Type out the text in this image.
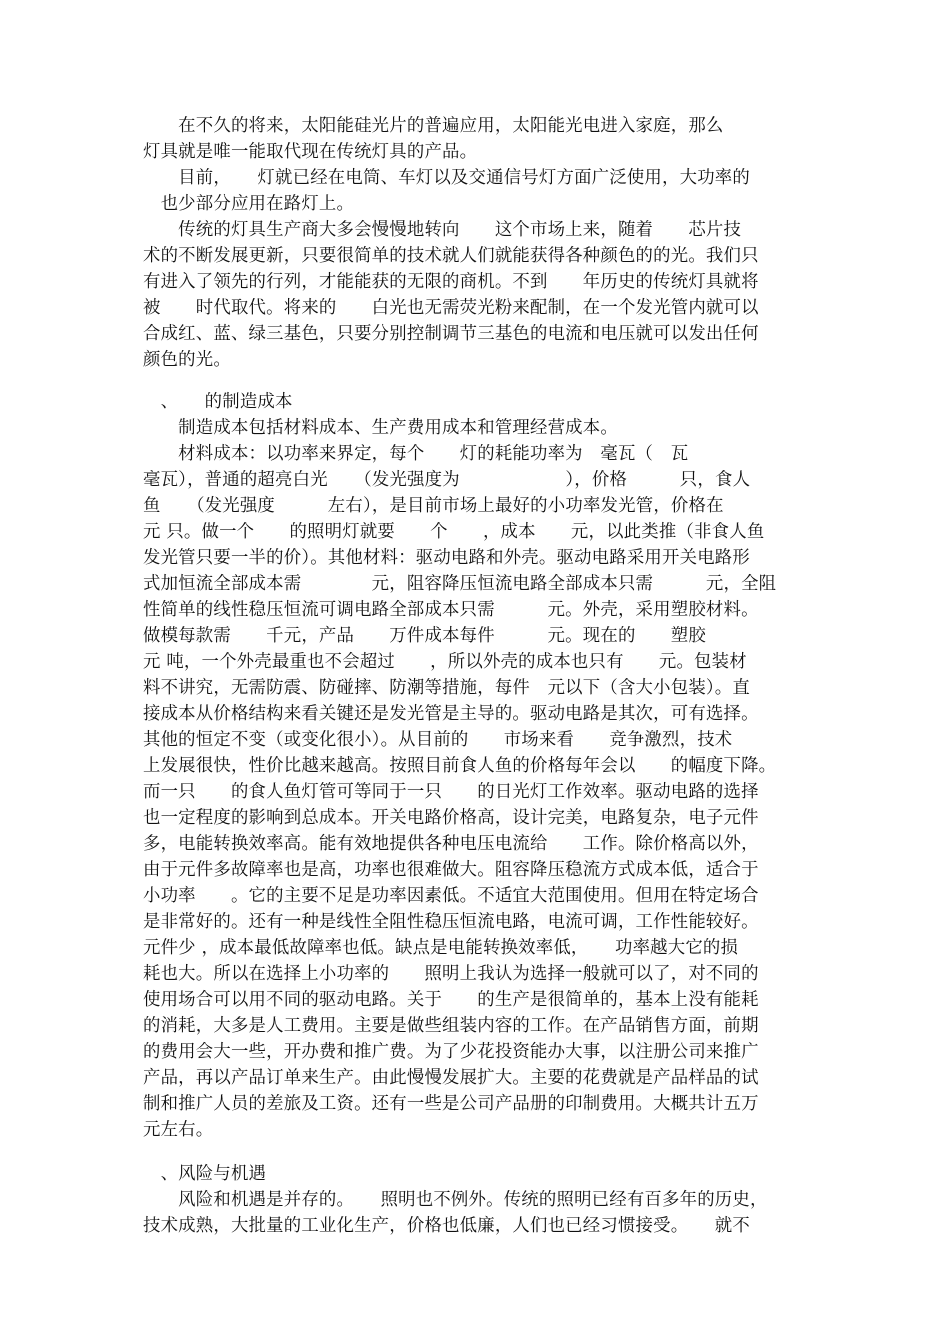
　　在不久的将来，太阳能硅光片的普遍应用，太阳能光电进入家庭，那么
灯具就是唯一能取代现在传统灯具的产品。
　　目前，　　灯就已经在电筒、车灯以及交通信号灯方面广泛使用，大功率的
　也少部分应用在路灯上。
　　传统的灯具生产商大多会慢慢地转向　　这个市场上来，随着　　芯片技
术的不断发展更新，只要很简单的技术就人们就能获得各种颜色的的光。我们只
有进入了领先的行列，才能能获的无限的商机。不到　　年历史的传统灯具就将
被　　时代取代。将来的　　白光也无需荧光粉来配制，在一个发光管内就可以
合成红、蓝、绿三基色，只要分别控制调节三基色的电流和电压就可以发出任何
颜色的光。
　、　　的制造成本
　　制造成本包括材料成本、生产费用成本和管理经营成本。
　　材料成本：以功率来界定，每个　　灯的耗能功率为　毫瓦（　瓦
毫瓦），普通的超亮白光　　（发光强度为　　　　　　），价格　　　只，食人
鱼　　（发光强度　　　左右），是目前市场上最好的小功率发光管，价格在
元 只。做一个　　的照明灯就要　　个　　，成本　　元，以此类推（非食人鱼
发光管只要一半的价）。其他材料：驱动电路和外壳。驱动电路采用开关电路形
式加恒流全部成本需　　　　元，阻容降压恒流电路全部成本只需　　　元，全阻
性简单的线性稳压恒流可调电路全部成本只需　　　元。外壳，采用塑胶材料。
做模每款需　　千元，产品　　万件成本每件　　　元。现在的　　塑胶
元 吨，一个外壳最重也不会超过　　，所以外壳的成本也只有　　元。包装材
料不讲究，无需防震、防碰摔、防潮等措施，每件　元以下（含大小包装）。直
接成本从价格结构来看关键还是发光管是主导的。驱动电路是其次，可有选择。
其他的恒定不变（或变化很小）。从目前的　　市场来看　　竞争激烈，技术
上发展很快，性价比越来越高。按照目前食人鱼的价格每年会以　　的幅度下降。
而一只　　的食人鱼灯管可等同于一只　　的日光灯工作效率。驱动电路的选择
也一定程度的影响到总成本。开关电路价格高，设计完美，电路复杂，电子元件
多，电能转换效率高。能有效地提供各种电压电流给　　工作。除价格高以外，
由于元件多故障率也是高，功率也很难做大。阻容降压稳流方式成本低，适合于
小功率　　。它的主要不足是功率因素低。不适宜大范围使用。但用在特定场合
是非常好的。还有一种是线性全阻性稳压恒流电路，电流可调，工作性能较好。
元件少 ，成本最低故障率也低。缺点是电能转换效率低，　　功率越大它的损
耗也大。所以在选择上小功率的　　照明上我认为选择一般就可以了，对不同的
使用场合可以用不同的驱动电路。关于　　的生产是很简单的，基本上没有能耗
的消耗，大多是人工费用。主要是做些组装内容的工作。在产品销售方面，前期
的费用会大一些，开办费和推广费。为了少花投资能办大事，以注册公司来推广
产品，再以产品订单来生产。由此慢慢发展扩大。主要的花费就是产品样品的试
制和推广人员的差旅及工资。还有一些是公司产品册的印制费用。大概共计五万
元左右。
　、风险与机遇
　　风险和机遇是并存的。　　照明也不例外。传统的照明已经有百多年的历史，
技术成熟，大批量的工业化生产，价格也低廉，人们也已经习惯接受。　　就不
